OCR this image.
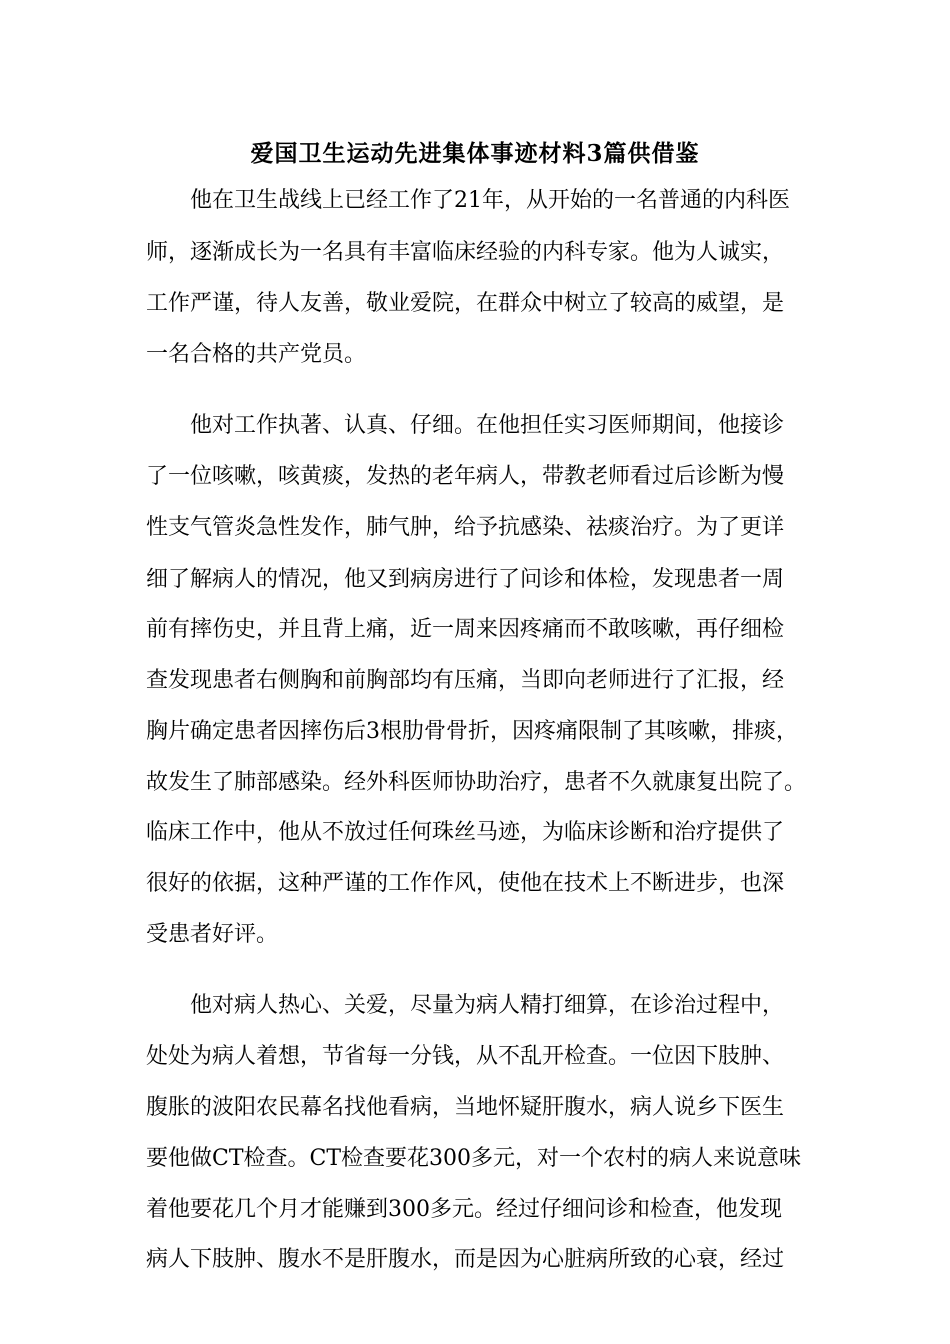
爱国卫生运动先进集体事迹材料3篇供借鉴

他在卫生战线上已经工作了21年，从开始的一名普通的内科医

师，逐渐成长为一名具有丰富临床经验的内科专家。他为人诚实，

工作严谨，待人友善，敬业爱院，在群众中树立了较高的威望，是

一名合格的共产党员。

他对工作执著、认真、仔细。在他担任实习医师期间，他接诊

了一位咳嗽，咳黄痰，发热的老年病人，带教老师看过后诊断为慢

性支气管炎急性发作，肺气肿，给予抗感染、祛痰治疗。为了更详

细了解病人的情况，他又到病房进行了问诊和体检，发现患者一周

前有摔伤史，并且背上痛，近一周来因疼痛而不敢咳嗽，再仔细检

查发现患者右侧胸和前胸部均有压痛，当即向老师进行了汇报，经

胸片确定患者因摔伤后3根肋骨骨折，因疼痛限制了其咳嗽，排痰，

故发生了肺部感染。经外科医师协助治疗，患者不久就康复出院了。

临床工作中，他从不放过任何珠丝马迹，为临床诊断和治疗提供了

很好的依据，这种严谨的工作作风，使他在技术上不断进步，也深

受患者好评。

他对病人热心、关爱，尽量为病人精打细算，在诊治过程中，

处处为病人着想，节省每一分钱，从不乱开检查。一位因下肢肿、

腹胀的波阳农民幕名找他看病，当地怀疑肝腹水，病人说乡下医生

要他做CT检查。CT检查要花300多元，对一个农村的病人来说意味

着他要花几个月才能赚到300多元。经过仔细问诊和检查，他发现

病人下肢肿、腹水不是肝腹水，而是因为心脏病所致的心衰，经过
